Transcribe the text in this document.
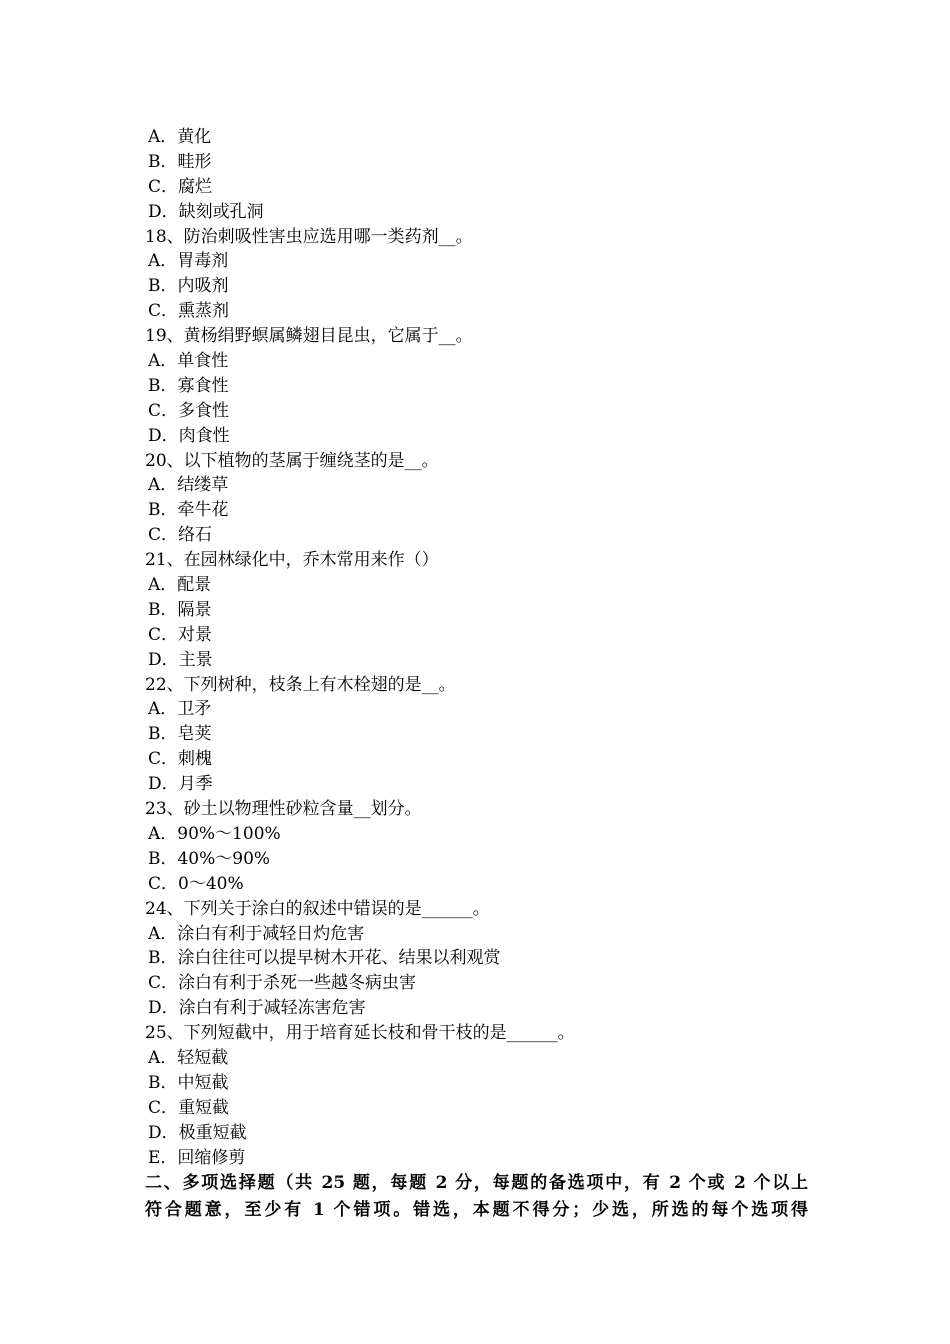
A．黄化
B．畦形
C．腐烂
D．缺刻或孔洞
18、防治刺吸性害虫应选用哪一类药剂__。
A．胃毒剂
B．内吸剂
C．熏蒸剂
19、黄杨绢野螟属鳞翅目昆虫，它属于__。
A．单食性
B．寡食性
C．多食性
D．肉食性
20、以下植物的茎属于缠绕茎的是__。
A．结缕草
B．牵牛花
C．络石
21、在园林绿化中，乔木常用来作（）
A．配景
B．隔景
C．对景
D．主景
22、下列树种，枝条上有木栓翅的是__。
A．卫矛
B．皂荚
C．刺槐
D．月季
23、砂土以物理性砂粒含量__划分。
A．90%～100%
B．40%～90%
C．0～40%
24、下列关于涂白的叙述中错误的是______。
A．涂白有利于减轻日灼危害
B．涂白往往可以提早树木开花、结果以利观赏
C．涂白有利于杀死一些越冬病虫害
D．涂白有利于减轻冻害危害
25、下列短截中，用于培育延长枝和骨干枝的是______。
A．轻短截
B．中短截
C．重短截
D．极重短截
E．回缩修剪
二、多项选择题（共 25 题，每题 2 分，每题的备选项中，有 2 个或 2 个以上
符合题意，至少有 1 个错项。错选，本题不得分；少选，所选的每个选项得
